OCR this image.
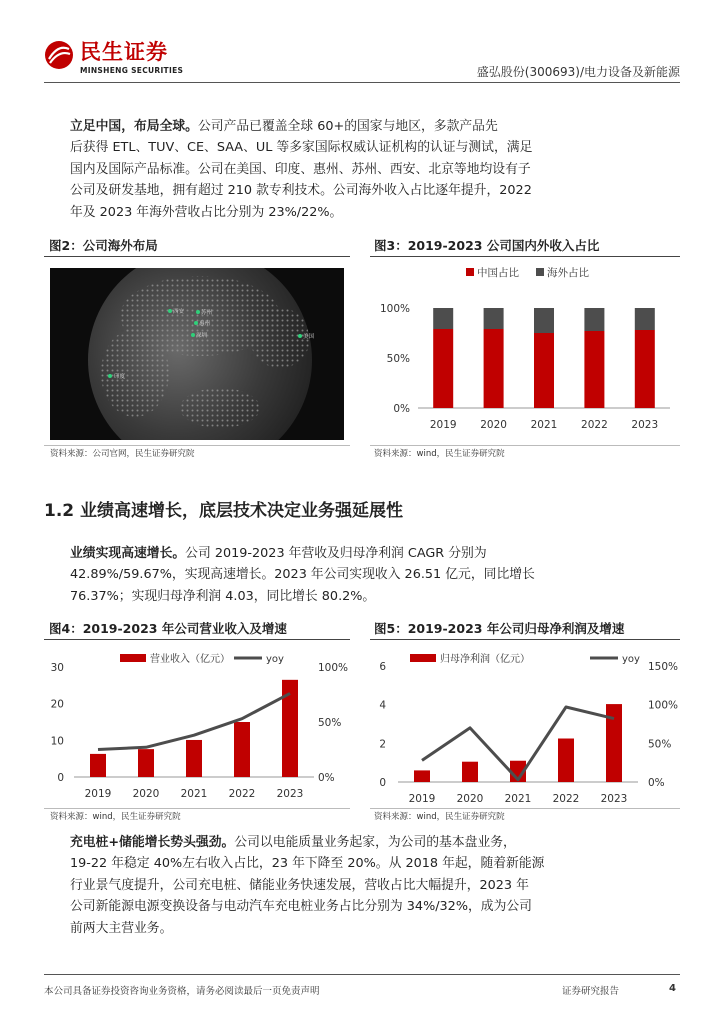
民生证券
MINSHENG SECURITIES	盛弘股份(300693)/电力设备及新能源
立足中国，布局全球。公司产品已覆盖全球 60+的国家与地区，多款产品先
后获得 ETL、TUV、CE、SAA、UL 等多家国际权威认证机构的认证与测试，满足
国内及国际产品标准。公司在美国、印度、惠州、苏州、西安、北京等地均设有子
公司及研发基地，拥有超过 210 款专利技术。公司海外收入占比逐年提升，2022
年及 2023 年海外营收占比分别为 23%/22%。
图2：公司海外布局
西安	苏州
惠州
深圳	美国
印度
资料来源：公司官网，民生证券研究院
图3：2019-2023 公司国内外收入占比
中国占比	海外占比
0%
50%
100%
2019 2020 2021 2022 2023
资料来源：wind，民生证券研究院
1.2 业绩高速增长，底层技术决定业务强延展性
业绩实现高速增长。公司 2019-2023 年营收及归母净利润 CAGR 分别为
42.89%/59.67%，实现高速增长。2023 年公司实现收入 26.51 亿元，同比增长
76.37%；实现归母净利润 4.03，同比增长 80.2%。
图4：2019-2023 年公司营业收入及增速
营业收入（亿元）	yoy
0
10
20
30
0%
50%
100%
2019 2020 2021 2022 2023
资料来源：wind，民生证券研究院
图5：2019-2023 年公司归母净利润及增速
归母净利润（亿元）	yoy
0
2
4
6
0%
50%
100%
150%
2019 2020 2021 2022 2023
资料来源：wind，民生证券研究院
充电桩+储能增长势头强劲。公司以电能质量业务起家，为公司的基本盘业务，
19-22 年稳定 40%左右收入占比，23 年下降至 20%。从 2018 年起，随着新能源
行业景气度提升，公司充电桩、储能业务快速发展，营收占比大幅提升，2023 年
公司新能源电源变换设备与电动汽车充电桩业务占比分别为 34%/32%，成为公司
前两大主营业务。
本公司具备证券投资咨询业务资格，请务必阅读最后一页免责声明	证券研究报告	4
